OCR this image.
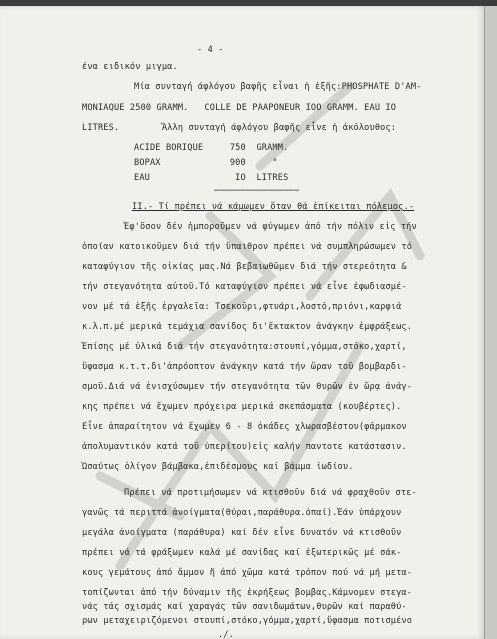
- 4 -
ένα ειδικόν μιγμα.
Μία συνταγή άφλόγου βαφῆς εἶναι ἡ ἐξῆς:PHOSPHATE D'AM-
MONIAQUE 2500 GRAMM.   COLLE DE PAAPONEUR IOO GRAMM. EAU IO
LITRES.        Ἄλλη συνταγή άφλόγου βαφῆς εἶνε ἡ ἀκόλουθος:
ACIDE BORIQUE     750  GRAMM.
BOPAX             900     "
EAU                IO  LITRES
────────────────
II.- Τί πρέπει νά κάμωμεν ὅταν θά ἐπίκειται πόλεμος.-
Ἐφ'ὅσον δέν ἠμποροῦμεν νά φύγωμεν ἀπό τήν πόλιν εἰς τήν
ὁποίαν κατοικοῦμεν διά τήν ὕπαιθρον πρέπει νά συμπληρώσωμεν τό
καταφύγιον τῆς οἰκίας μας.Νά βεβαιωθῶμεν διά τήν στερεότητα &
τήν στεγανότητα αὐτοῦ.Τό καταφύγιον πρέπει νά εἶνε ἐφωδιασμέ-
νον μέ τά ἑξῆς ἐργαλεῖα: Τσεκοῦρι,φτυάρι,λοστό,πριόνι,καρφιά
κ.λ.π.μέ μερικά τεμάχια σανίδος δι'ἔκτακτον ἀνάγκην ἐμφράξεως.
Ἐπίσης μέ ὑλικά διά τήν στεγανότητα:στουπί,γόμμα,στόκο,χαρτί,
ὕφασμα κ.τ.τ.δι'ἀπρόοπτον ἀνάγκην κατά τήν ὥραν τοῦ βομβαρδι-
σμοῦ.Διά νά ἐνισχύσωμεν τήν στεγανότητα τῶν θυρῶν ἐν ὥρᾳ ἀνάγ-
κης πρέπει νά ἔχωμεν πρόχειρα μερικά σκεπάσματα (κουβέρτες).
Εἶνε ἀπαραίτητον νά ἔχωμεν 6 - 8 ὀκάδες χλωρασβέστου(φάρμακον
ἀπολυμαντικόν κατά τοῦ ὑπερίτου)εἰς καλήν παντοτε κατάστασιν.
Ὡσαύτως ὀλίγον βάμβακα,ἐπιδέσμους καί βάμμα ἰωδίου.
Πρέπει νά προτιμήσωμεν νά κτισθοῦν διά νά φραχθοῦν στε-
γανῶς τά περιττά ἀνοίγματα(θύραι,παράθυρα.ὀπαί).Ἐάν ὑπάρχουν
μεγάλα ἀνοίγματα (παράθυρα) καί δέν εἶνε δυνατόν νά κτισθοῦν
πρέπει νά τά φράξωμεν καλά μέ σανίδας καί ἐξωτερικῶς μέ σάκ-
κους γεμάτους ἀπό ἄμμον ἤ ἀπό χῶμα κατά τρόπον πού νά μή μετα-
τοπίζωνται ἀπό τήν δύναμιν τῆς ἐκρήξεως βομβας.Κάμνομεν στεγα-
νάς τάς σχισμάς καί χαραγάς τῶν σανιδωμάτων,θυρῶν καί παραθύ-
ρων μεταχειριζόμενοι στουπί,στόκο,γόμμα,χαρτί,ὕφασμα ποτισμένο
./.
